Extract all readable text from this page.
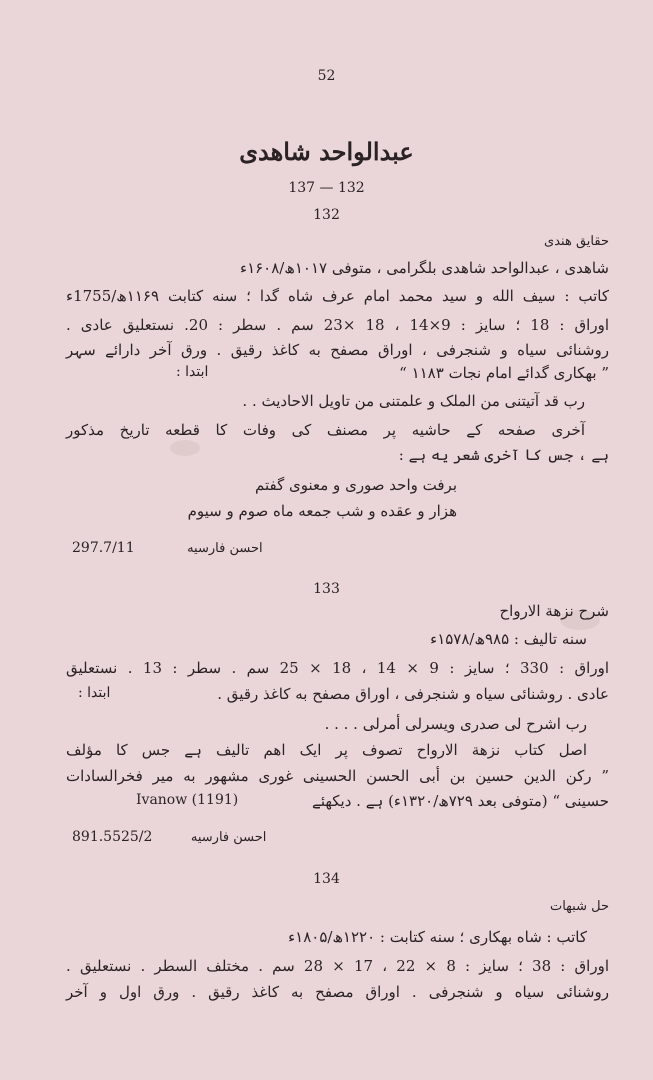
52
عبدالواحد شاهدی
137 — 132
132
حقایق هندی
شاهدی ، عبدالواحد شاهدی بلگرامی ، متوفی ۱۰۱۷ھ/۱۶۰۸ء
کاتب : سیف الله و سید محمد امام عرف شاه گدا ؛ سنه کتابت ۱۱۶۹ھ/1755ء
اوراق : 18 ؛ سایز : 9×14 ، 18 ×23 سم . سطر : 20. نستعلیق عادی .
روشنائی سیاه و شنجرفی ، اوراق مصفح به کاغذ رقیق . ورق آخر دارائے سہر
” بهکاری گدائے امام نجات ۱۱۸۳ “
ابتدا :
رب قد آتیتنی من الملک و علمتنی من تاویل الاحادیث . .
آخری صفحه کے حاشیه پر مصنف کی وفات کا قطعه تاریخ مذکور
ہے ، جس کا آخری شعر یه ہے :
برفت واحد صوری و معنوی گفتم
هزار و عقده و شب جمعه ماه صوم و سیوم
297.7/11	احسن فارسیه
133
شرح نزهة الارواح
سنه تالیف : ۹۸۵ھ/۱۵۷۸ء
اوراق : 330 ؛ سایز : 9 × 14 ، 18 × 25 سم . سطر : 13 . نستعلیق
عادی . روشنائی سیاه و شنجرفی ، اوراق مصفح به کاغذ رقیق .
ابتدا :
رب اشرح لی صدری ویسرلی أمرلی . . . .
اصل کتاب نزهة الارواح تصوف پر ایک اهم تالیف ہے جس کا مؤلف
” رکن الدین حسین بن أبی الحسن الحسینی غوری مشهور به میر فخرالسادات
حسینی “ (متوفی بعد ۷۲۹ھ/۱۳۲۰ء) ہے . دیکھئے
Ivanow (1191)
891.5525/2	احسن فارسیه
134
حل شبهات
کاتب : شاه بهکاری ؛ سنه کتابت : ۱۲۲۰ھ/۱۸۰۵ء
اوراق : 38 ؛ سایز : 8 × 22 ، 17 × 28 سم . مختلف السطر . نستعلیق .
روشنائی سیاه و شنجرفی . اوراق مصفح به کاغذ رقیق . ورق اول و آخر
